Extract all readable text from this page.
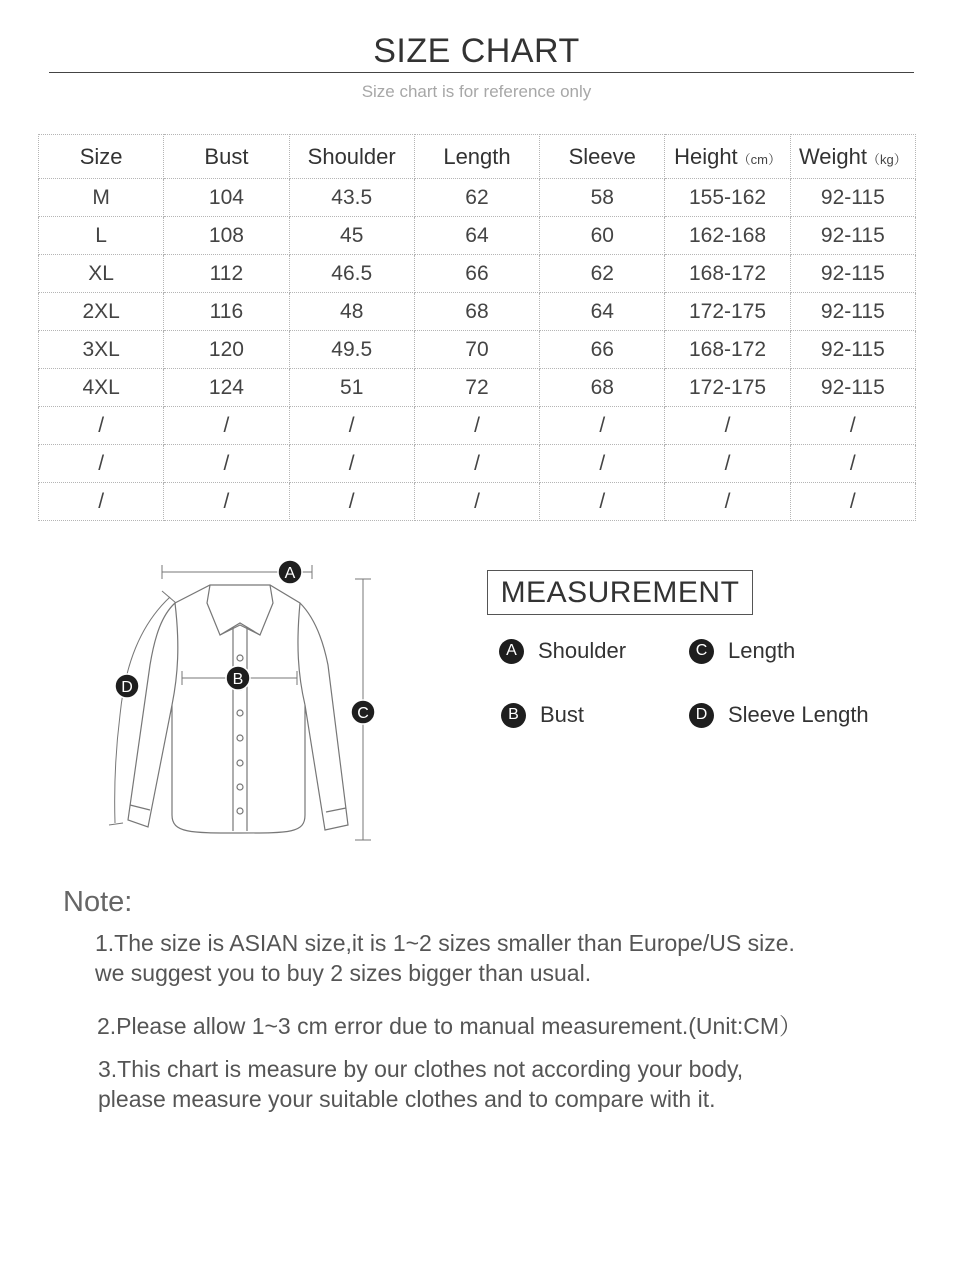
SIZE CHART
Size chart is for reference only
Size	Bust	Shoulder	Length	Sleeve	Height（cm）	Weight（kg）
M	104	43.5	62	58	155-162	92-115
L	108	45	64	60	162-168	92-115
XL	112	46.5	66	62	168-172	92-115
2XL	116	48	68	64	172-175	92-115
3XL	120	49.5	70	66	168-172	92-115
4XL	124	51	72	68	172-175	92-115
/	/	/	/	/	/	/
/	/	/	/	/	/	/
/	/	/	/	/	/	/
A
B
C
D
MEASUREMENT
A Shoulder	C Length
B Bust	D Sleeve Length
Note:
1.The size is ASIAN size,it is 1~2 sizes smaller than Europe/US size.
we suggest you to buy 2 sizes bigger than usual.
2.Please allow 1~3 cm error due to manual measurement.(Unit:CM）
3.This chart is measure by our clothes not according your body,
please measure your suitable clothes and to compare with it.
